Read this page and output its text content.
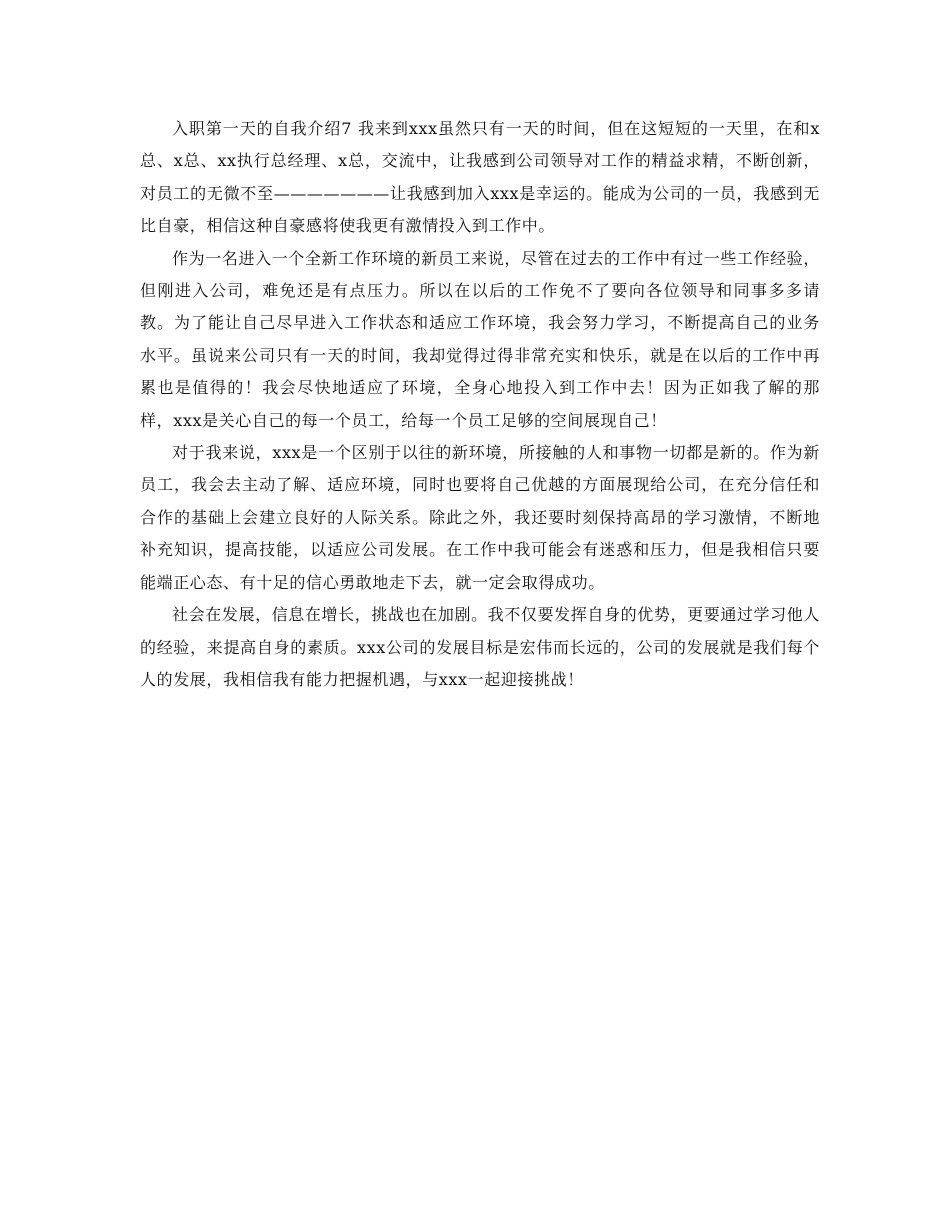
入职第一天的自我介绍7 我来到xxx虽然只有一天的时间，但在这短短的一天里，在和x总、x总、xx执行总经理、x总，交流中，让我感到公司领导对工作的精益求精，不断创新，对员工的无微不至———————让我感到加入xxx是幸运的。能成为公司的一员，我感到无比自豪，相信这种自豪感将使我更有激情投入到工作中。

作为一名进入一个全新工作环境的新员工来说，尽管在过去的工作中有过一些工作经验，但刚进入公司，难免还是有点压力。所以在以后的工作免不了要向各位领导和同事多多请教。为了能让自己尽早进入工作状态和适应工作环境，我会努力学习，不断提高自己的业务水平。虽说来公司只有一天的时间，我却觉得过得非常充实和快乐，就是在以后的工作中再累也是值得的！我会尽快地适应了环境，全身心地投入到工作中去！因为正如我了解的那样，xxx是关心自己的每一个员工，给每一个员工足够的空间展现自己！

对于我来说，xxx是一个区别于以往的新环境，所接触的人和事物一切都是新的。作为新员工，我会去主动了解、适应环境，同时也要将自己优越的方面展现给公司，在充分信任和合作的基础上会建立良好的人际关系。除此之外，我还要时刻保持高昂的学习激情，不断地补充知识，提高技能，以适应公司发展。在工作中我可能会有迷惑和压力，但是我相信只要能端正心态、有十足的信心勇敢地走下去，就一定会取得成功。

社会在发展，信息在增长，挑战也在加剧。我不仅要发挥自身的优势，更要通过学习他人的经验，来提高自身的素质。xxx公司的发展目标是宏伟而长远的，公司的发展就是我们每个人的发展，我相信我有能力把握机遇，与xxx一起迎接挑战！
